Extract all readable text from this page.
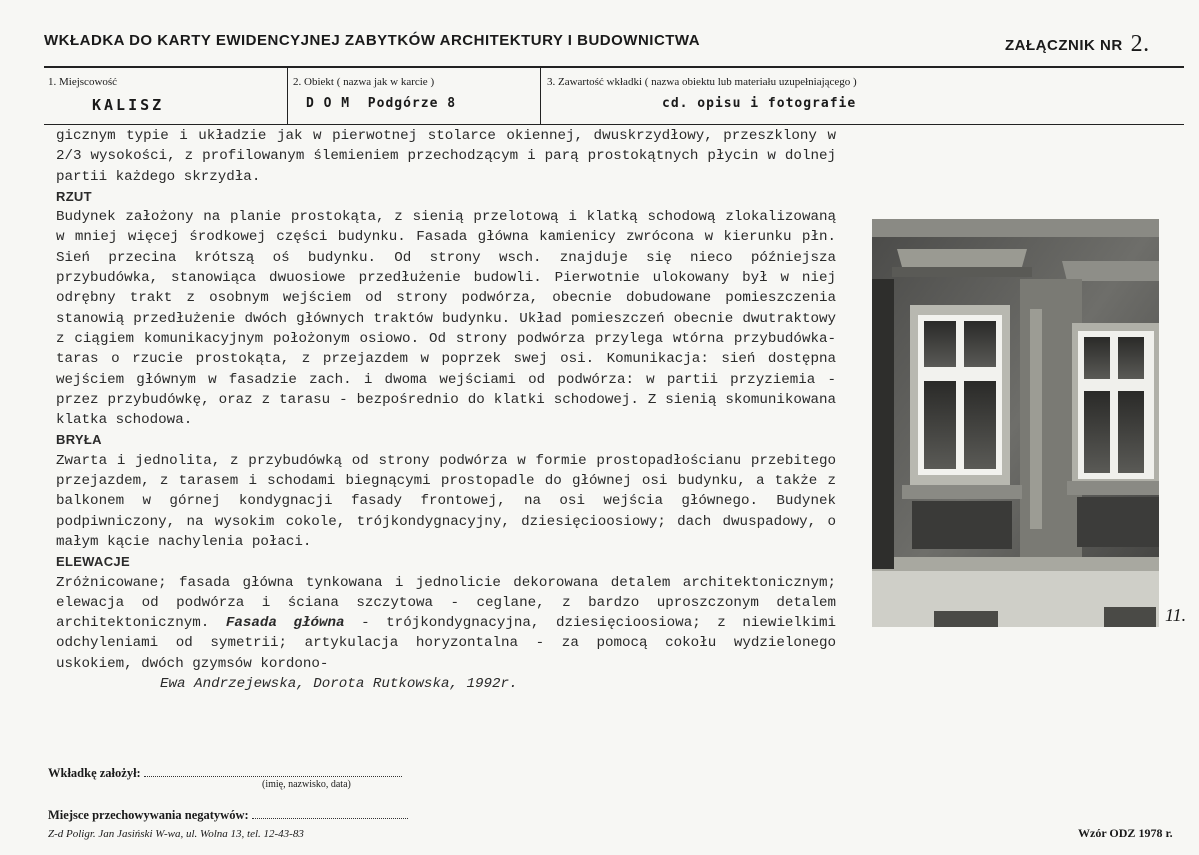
WKŁADKA DO KARTY EWIDENCYJNEJ ZABYTKÓW ARCHITEKTURY I BUDOWNICTWA	ZAŁĄCZNIK NR 2.
1. Miejscowość
KALISZ
2. Obiekt ( nazwa jak w karcie )
D O M  Podgórze 8
3. Zawartość wkładki ( nazwa obiektu lub materiału uzupełniającego )
cd. opisu i fotografie

gicznym typie i układzie jak w pierwotnej stolarce okiennej, dwuskrzydłowy, przeszklony w 2/3 wysokości, z profilowanym ślemieniem przechodzącym i parą prostokątnych płycin w dolnej partii każdego skrzydła.

RZUT

Budynek założony na planie prostokąta, z sienią przelotową i klatką schodową zlokalizowaną w mniej więcej środkowej części budynku. Fasada główna kamienicy zwrócona w kierunku płn. Sień przecina krótszą oś budynku. Od strony wsch. znajduje się nieco późniejsza przybudówka, stanowiąca dwuosiowe przedłużenie budowli. Pierwotnie ulokowany był w niej odrębny trakt z osobnym wejściem od strony podwórza, obecnie dobudowane pomieszczenia stanowią przedłużenie dwóch głównych traktów budynku. Układ pomieszczeń obecnie dwutraktowy z ciągiem komunikacyjnym położonym osiowo. Od strony podwórza przylega wtórna przybudówka-taras o rzucie prostokąta, z przejazdem w poprzek swej osi. Komunikacja: sień dostępna wejściem głównym w fasadzie zach. i dwoma wejściami od podwórza: w partii przyziemia - przez przybudówkę, oraz z tarasu - bezpośrednio do klatki schodowej. Z sienią skomunikowana klatka schodowa.

BRYŁA

Zwarta i jednolita, z przybudówką od strony podwórza w formie prostopadłościanu przebitego przejazdem, z tarasem i schodami biegnącymi prostopadle do głównej osi budynku, a także z balkonem w górnej kondygnacji fasady frontowej, na osi wejścia głównego. Budynek podpiwniczony, na wysokim cokole, trójkondygnacyjny, dziesięcioosiowy; dach dwuspadowy, o małym kącie nachylenia połaci.

ELEWACJE

Zróżnicowane; fasada główna tynkowana i jednolicie dekorowana detalem architektonicznym; elewacja od podwórza i ściana szczytowa - ceglane, z bardzo uproszczonym detalem architektonicznym. Fasada główna - trójkondygnacyjna, dziesięcioosiowa; z niewielkimi odchyleniami od symetrii; artykulacja horyzontalna - za pomocą cokołu wydzielonego uskokiem, dwóch gzymsów kordono-

Ewa Andrzejewska, Dorota Rutkowska, 1992r.

11.
Wkładkę założył:
(imię, nazwisko, data)
Miejsce przechowywania negatywów:
Z-d Poligr. Jan Jasiński W-wa, ul. Wolna 13, tel. 12-43-83	Wzór ODZ 1978 r.
